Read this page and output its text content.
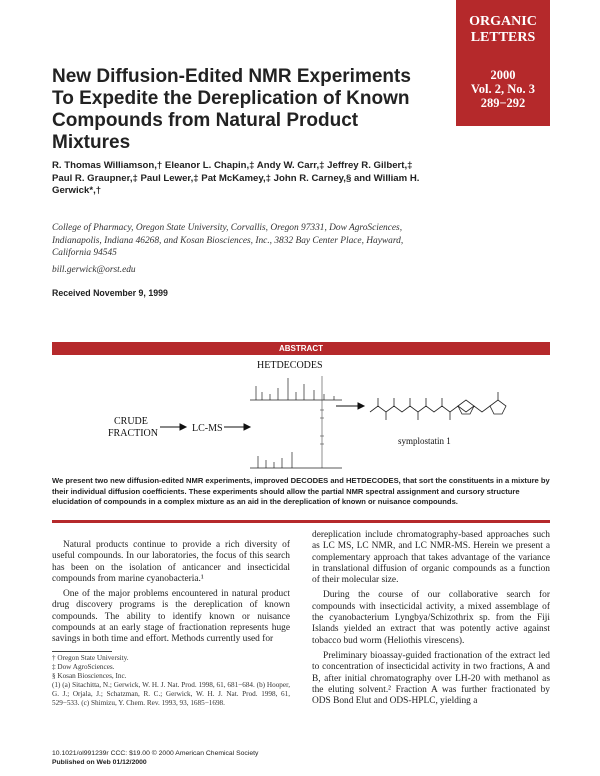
ORGANIC LETTERS
2000
Vol. 2, No. 3
289−292
New Diffusion-Edited NMR Experiments To Expedite the Dereplication of Known Compounds from Natural Product Mixtures
R. Thomas Williamson,† Eleanor L. Chapin,‡ Andy W. Carr,‡ Jeffrey R. Gilbert,‡ Paul R. Graupner,‡ Paul Lewer,‡ Pat McKamey,‡ John R. Carney,§ and William H. Gerwick*,†
College of Pharmacy, Oregon State University, Corvallis, Oregon 97331, Dow AgroSciences, Indianapolis, Indiana 46268, and Kosan Biosciences, Inc., 3832 Bay Center Place, Hayward, California 94545
bill.gerwick@orst.edu
Received November 9, 1999
ABSTRACT
HETDECODES
CRUDE
FRACTION	LC-MS
symplostatin 1
We present two new diffusion-edited NMR experiments, improved DECODES and HETDECODES, that sort the constituents in a mixture by their individual diffusion coefficients. These experiments should allow the partial NMR spectral assignment and cursory structure elucidation of compounds in a complex mixture as an aid in the dereplication of known or nuisance compounds.

Natural products continue to provide a rich diversity of useful compounds. In our laboratories, the focus of this search has been on the isolation of anticancer and insecticidal compounds from marine cyanobacteria.¹

One of the major problems encountered in natural product drug discovery programs is the dereplication of known compounds. The ability to identify known or nuisance compounds at an early stage of fractionation represents huge savings in both time and effort. Methods currently used for

dereplication include chromatography-based approaches such as LC MS, LC NMR, and LC NMR-MS. Herein we present a complementary approach that takes advantage of the variance in translational diffusion of organic compounds as a function of their molecular size.

During the course of our collaborative search for compounds with insecticidal activity, a mixed assemblage of the cyanobacterium Lyngbya/Schizothrix sp. from the Fiji Islands yielded an extract that was potently active against tobacco bud worm (Heliothis virescens).

Preliminary bioassay-guided fractionation of the extract led to concentration of insecticidal activity in two fractions, A and B, after initial chromatography over LH-20 with methanol as the eluting solvent.² Fraction A was further fractionated by ODS Bond Elut and ODS-HPLC, yielding a

† Oregon State University.
‡ Dow AgroSciences.
§ Kosan Biosciences, Inc.
(1) (a) Sitachitta, N.; Gerwick, W. H. J. Nat. Prod. 1998, 61, 681−684. (b) Hooper, G. J.; Orjala, J.; Schatzman, R. C.; Gerwick, W. H. J. Nat. Prod. 1998, 61, 529−533. (c) Shimizu, Y. Chem. Rev. 1993, 93, 1685−1698.
10.1021/ol991239r CCC: $19.00 © 2000 American Chemical Society
Published on Web 01/12/2000
